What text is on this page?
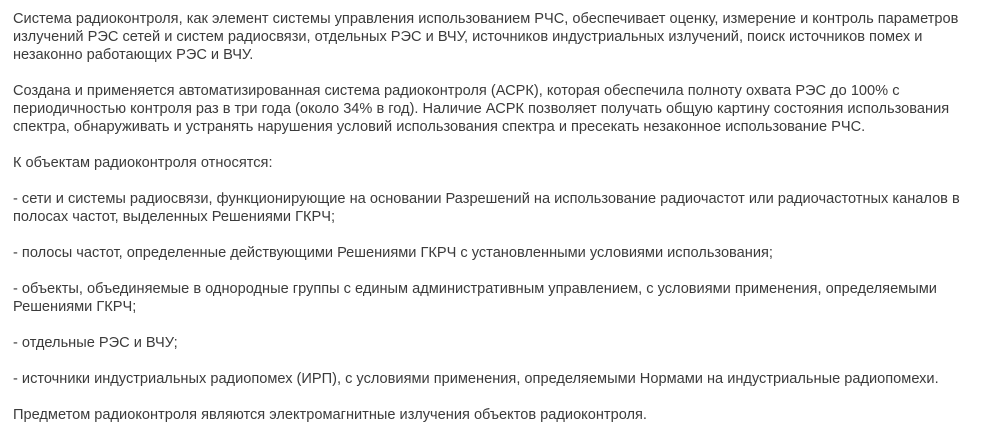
Система радиоконтроля, как элемент системы управления использованием РЧС, обеспечивает оценку, измерение и контроль параметров излучений РЭС сетей и систем радиосвязи, отдельных РЭС и ВЧУ, источников индустриальных излучений, поиск источников помех и незаконно работающих РЭС и ВЧУ.

Создана и применяется автоматизированная система радиоконтроля (АСРК), которая обеспечила полноту охвата РЭС до 100% с периодичностью контроля раз в три года (около 34% в год). Наличие АСРК позволяет получать общую картину состояния использования спектра, обнаруживать и устранять нарушения условий использования спектра и пресекать незаконное использование РЧС.

К объектам радиоконтроля относятся:

- сети и системы радиосвязи, функционирующие на основании Разрешений на использование радиочастот или радиочастотных каналов в полосах частот, выделенных Решениями ГКРЧ;

- полосы частот, определенные действующими Решениями ГКРЧ с установленными условиями использования;

- объекты, объединяемые в однородные группы с единым административным управлением, с условиями применения, определяемыми Решениями ГКРЧ;

- отдельные РЭС и ВЧУ;

- источники индустриальных радиопомех (ИРП), с условиями применения, определяемыми Нормами на индустриальные радиопомехи.

Предметом радиоконтроля являются электромагнитные излучения объектов радиоконтроля.
